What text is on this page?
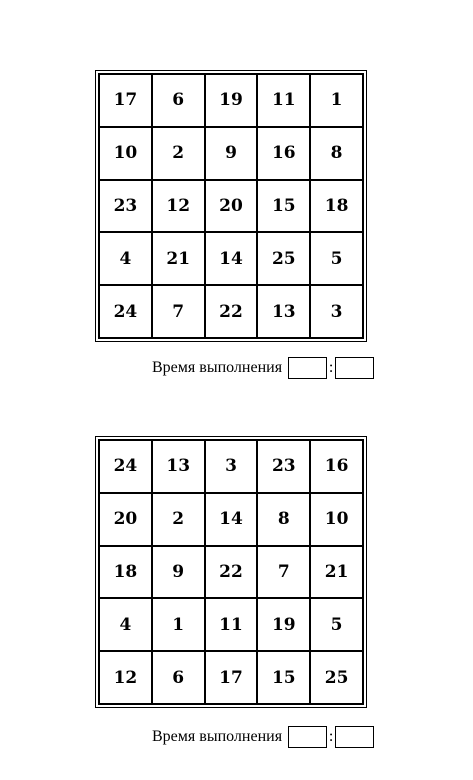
17	6	19	11	1
10	2	9	16	8
23	12	20	15	18
4	21	14	25	5
24	7	22	13	3
Время выполнения	:
24	13	3	23	16
20	2	14	8	10
18	9	22	7	21
4	1	11	19	5
12	6	17	15	25
Время выполнения	:
